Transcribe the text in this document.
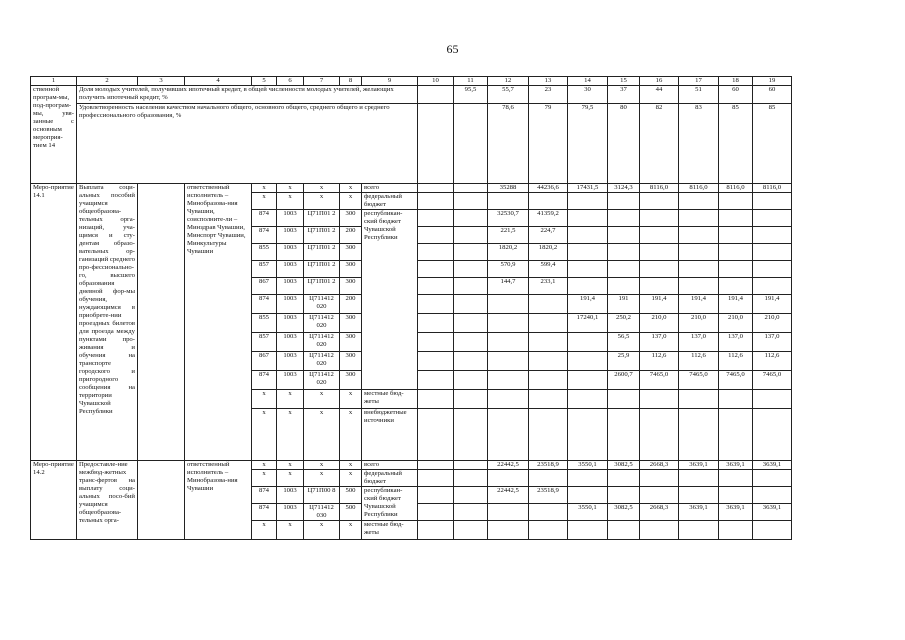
65
1	2	3	4	5	6	7	8	9	10	11	12	13	14	15	16	17	18	19
ственной програм-мы, под-програм-мы, увя-занные с основным мероприя-тием 14	Доля молодых учителей, получивших ипотечный кредит, в общей численности молодых учителей, желающих получить ипотечный кредит, %									95,5	55,7	23	30	37	44	51	60	60
	Удовлетворенность населения качеством начального общего, основного общего, среднего общего и среднего профессионального образования, %										78,6	79	79,5	80	82	83	85	85
Меро-приятие 14.1	Выплата соци-альных пособий учащимся общеобразова-тельных орга-низаций, уча-щимся и сту-дентам образо-вательных ор-ганизаций среднего про-фессионально-го, высшего образования дневной фор-мы обучения, нуждающимся в приобрете-нии проездных билетов для проезда между пунктами про-живания и обучения на транспорте городского и пригородного сообщения на территории Чувашской Республики		ответственный исполнитель – Минобразова-ния Чувашии, соисполните-ли – Минздрав Чувашии, Минспорт Чувашии, Минкультуры Чувашии	x	x	x	x	всего			35288	44236,6	17431,5	3124,3	8116,0	8116,0	8116,0	8116,0
				x	x	x	x	федеральный бюджет										
				874	1003	Ц71П01 2	300	республикан-ский бюджет Чувашской Республики			32530,7	41359,2						
				874	1003	Ц71П01 2	200				221,5	224,7						
				855	1003	Ц71П01 2	300				1820,2	1820,2						
				857	1003	Ц71П01 2	300				570,9	599,4						
				867	1003	Ц71П01 2	300				144,7	233,1						
				874	1003	Ц711412 020	200						191,4	191	191,4	191,4	191,4	191,4
				855	1003	Ц711412 020	300						17240,1	250,2	210,0	210,0	210,0	210,0
				857	1003	Ц711412 020	300							56,5	137,0	137,0	137,0	137,0
				867	1003	Ц711412 020	300							25,9	112,6	112,6	112,6	112,6
				874	1003	Ц711412 020	300							2600,7	7465,0	7465,0	7465,0	7465,0
				x	x	x	x	местные бюд-жеты										
				x	x	x	x	внебюджетные источники										
Меро-приятие 14.2	Предоставле-ние межбюд-жетных транс-фертов на выплату соци-альных посо-бий учащимся общеобразова-тельных орга-		ответственный исполнитель – Минобразова-ния Чувашии	x	x	x	x	всего			22442,5	23518,9	3550,1	3082,5	2668,3	3639,1	3639,1	3639,1
				x	x	x	x	федеральный бюджет										
				874	1003	Ц71П00 8	500	республикан-ский бюджет Чувашской Республики			22442,5	23518,9						
				874	1003	Ц711412 030	500						3550,1	3082,5	2668,3	3639,1	3639,1	3639,1
				x	x	x	x	местные бюд-жеты										
